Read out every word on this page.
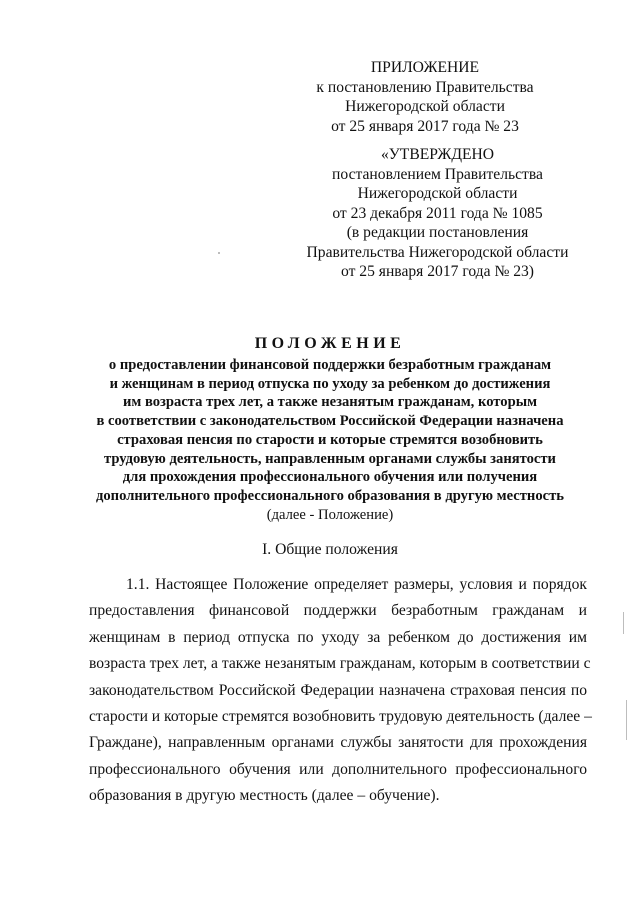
ПРИЛОЖЕНИЕ
к постановлению Правительства
Нижегородской области
от 25 января 2017 года № 23
«УТВЕРЖДЕНО
постановлением Правительства
Нижегородской области
от 23 декабря 2011 года № 1085
(в редакции постановления
Правительства Нижегородской области
от 25 января 2017 года № 23)
ПОЛОЖЕНИЕ
о предоставлении финансовой поддержки безработным гражданам
и женщинам в период отпуска по уходу за ребенком до достижения
им возраста трех лет, а также незанятым гражданам, которым
в соответствии с законодательством Российской Федерации назначена
страховая пенсия по старости и которые стремятся возобновить
трудовую деятельность, направленным органами службы занятости
для прохождения профессионального обучения или получения
дополнительного профессионального образования в другую местность
(далее - Положение)
I. Общие положения
1.1. Настоящее Положение определяет размеры, условия и порядок
предоставления финансовой поддержки безработным гражданам и
женщинам в период отпуска по уходу за ребенком до достижения им
возраста трех лет, а также незанятым гражданам, которым в соответствии с
законодательством Российской Федерации назначена страховая пенсия по
старости и которые стремятся возобновить трудовую деятельность (далее –
Граждане), направленным органами службы занятости для прохождения
профессионального обучения или дополнительного профессионального
образования в другую местность (далее – обучение).
